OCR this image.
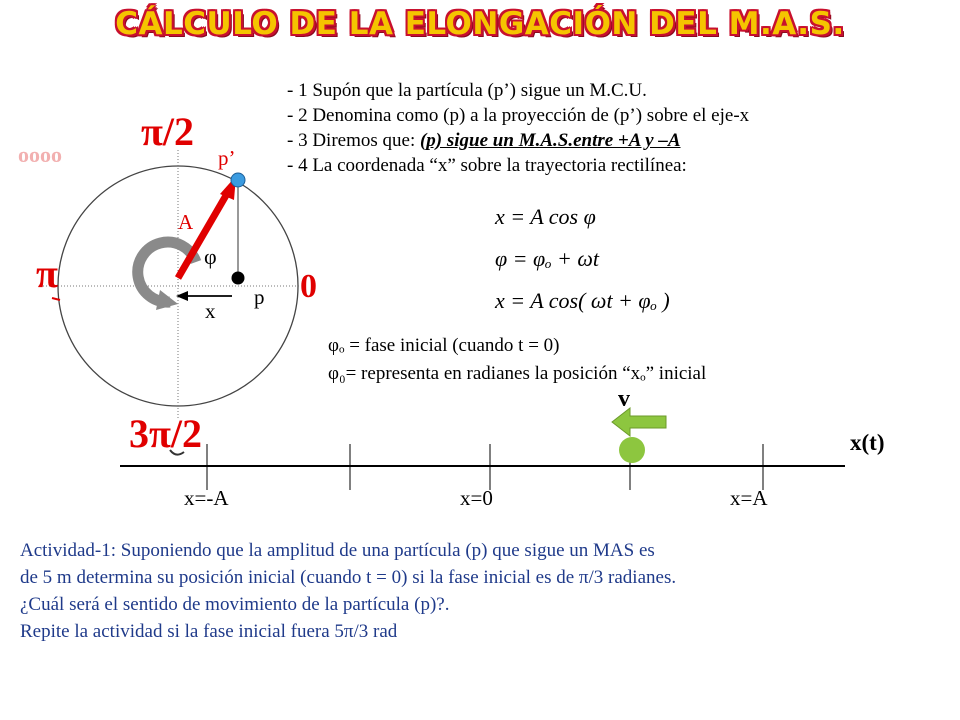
CÁLCULO DE LA ELONGACIÓN DEL M.A.S.
- 1 Supón que la partícula (p’) sigue un M.C.U.
- 2 Denomina como (p) a la proyección de (p’) sobre el eje-x
- 3 Diremos que: (p) sigue un M.A.S.entre +A y –A
- 4 La coordenada “x” sobre la trayectoria rectilínea:
oooo
π/2
π	0
3π/2
p’
A
φ
p
x
x = A cos φ
φ = φₒ + ωt
x = A cos( ωt + φₒ )
φₒ = fase inicial (cuando t = 0)
φ₀= representa en radianes la posición “xₒ” inicial
v
x(t)
x=-A	x=0	x=A
Actividad-1: Suponiendo que la amplitud de una partícula (p) que sigue un MAS es
de 5 m determina su posición inicial (cuando t = 0) si la fase inicial es de π/3 radianes.
¿Cuál será el sentido de movimiento de la partícula (p)?.
Repite la actividad si la fase inicial fuera 5π/3 rad
